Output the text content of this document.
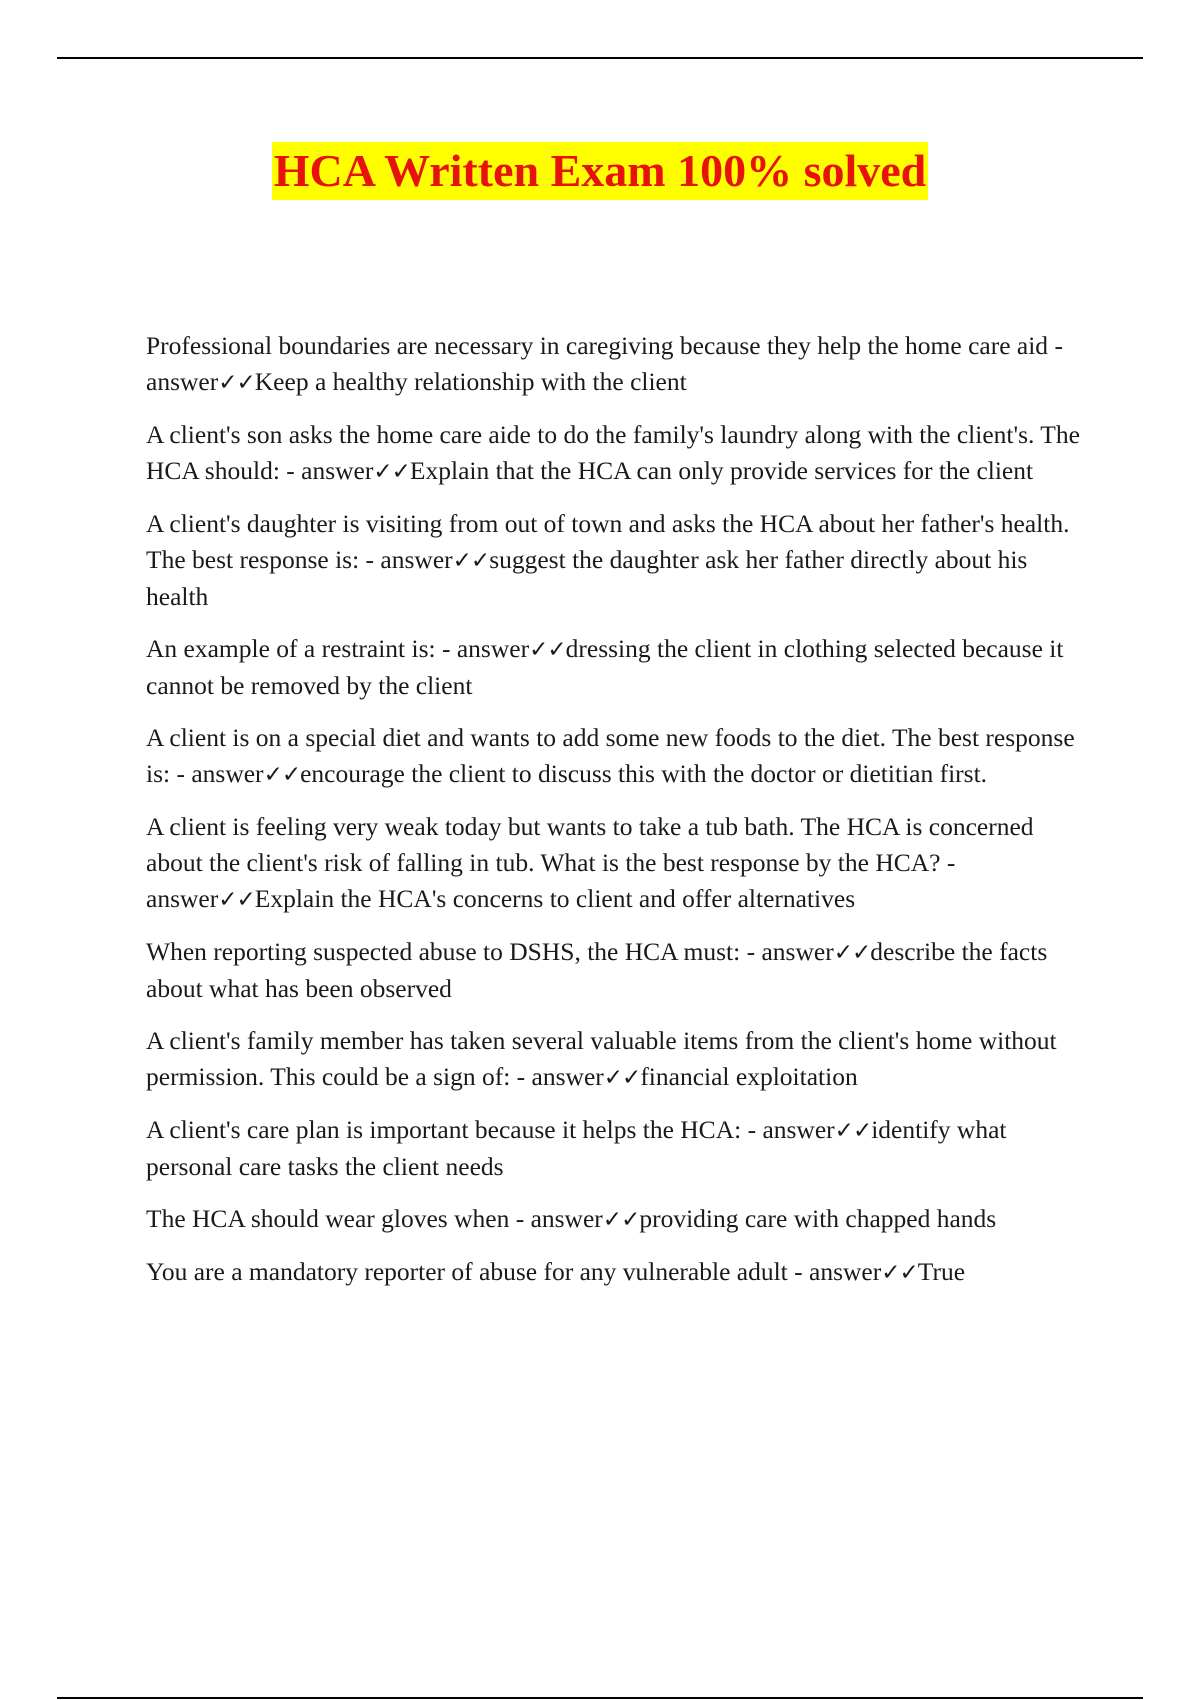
HCA Written Exam 100% solved

Professional boundaries are necessary in caregiving because they help the home care aid - answer✓✓Keep a healthy relationship with the client

A client's son asks the home care aide to do the family's laundry along with the client's. The HCA should: - answer✓✓Explain that the HCA can only provide services for the client

A client's daughter is visiting from out of town and asks the HCA about her father's health. The best response is: - answer✓✓suggest the daughter ask her father directly about his health

An example of a restraint is: - answer✓✓dressing the client in clothing selected because it cannot be removed by the client

A client is on a special diet and wants to add some new foods to the diet. The best response is: - answer✓✓encourage the client to discuss this with the doctor or dietitian first.

A client is feeling very weak today but wants to take a tub bath. The HCA is concerned about the client's risk of falling in tub. What is the best response by the HCA? - answer✓✓Explain the HCA's concerns to client and offer alternatives

When reporting suspected abuse to DSHS, the HCA must: - answer✓✓describe the facts about what has been observed

A client's family member has taken several valuable items from the client's home without permission. This could be a sign of: - answer✓✓financial exploitation

A client's care plan is important because it helps the HCA: - answer✓✓identify what personal care tasks the client needs

The HCA should wear gloves when - answer✓✓providing care with chapped hands

You are a mandatory reporter of abuse for any vulnerable adult - answer✓✓True
